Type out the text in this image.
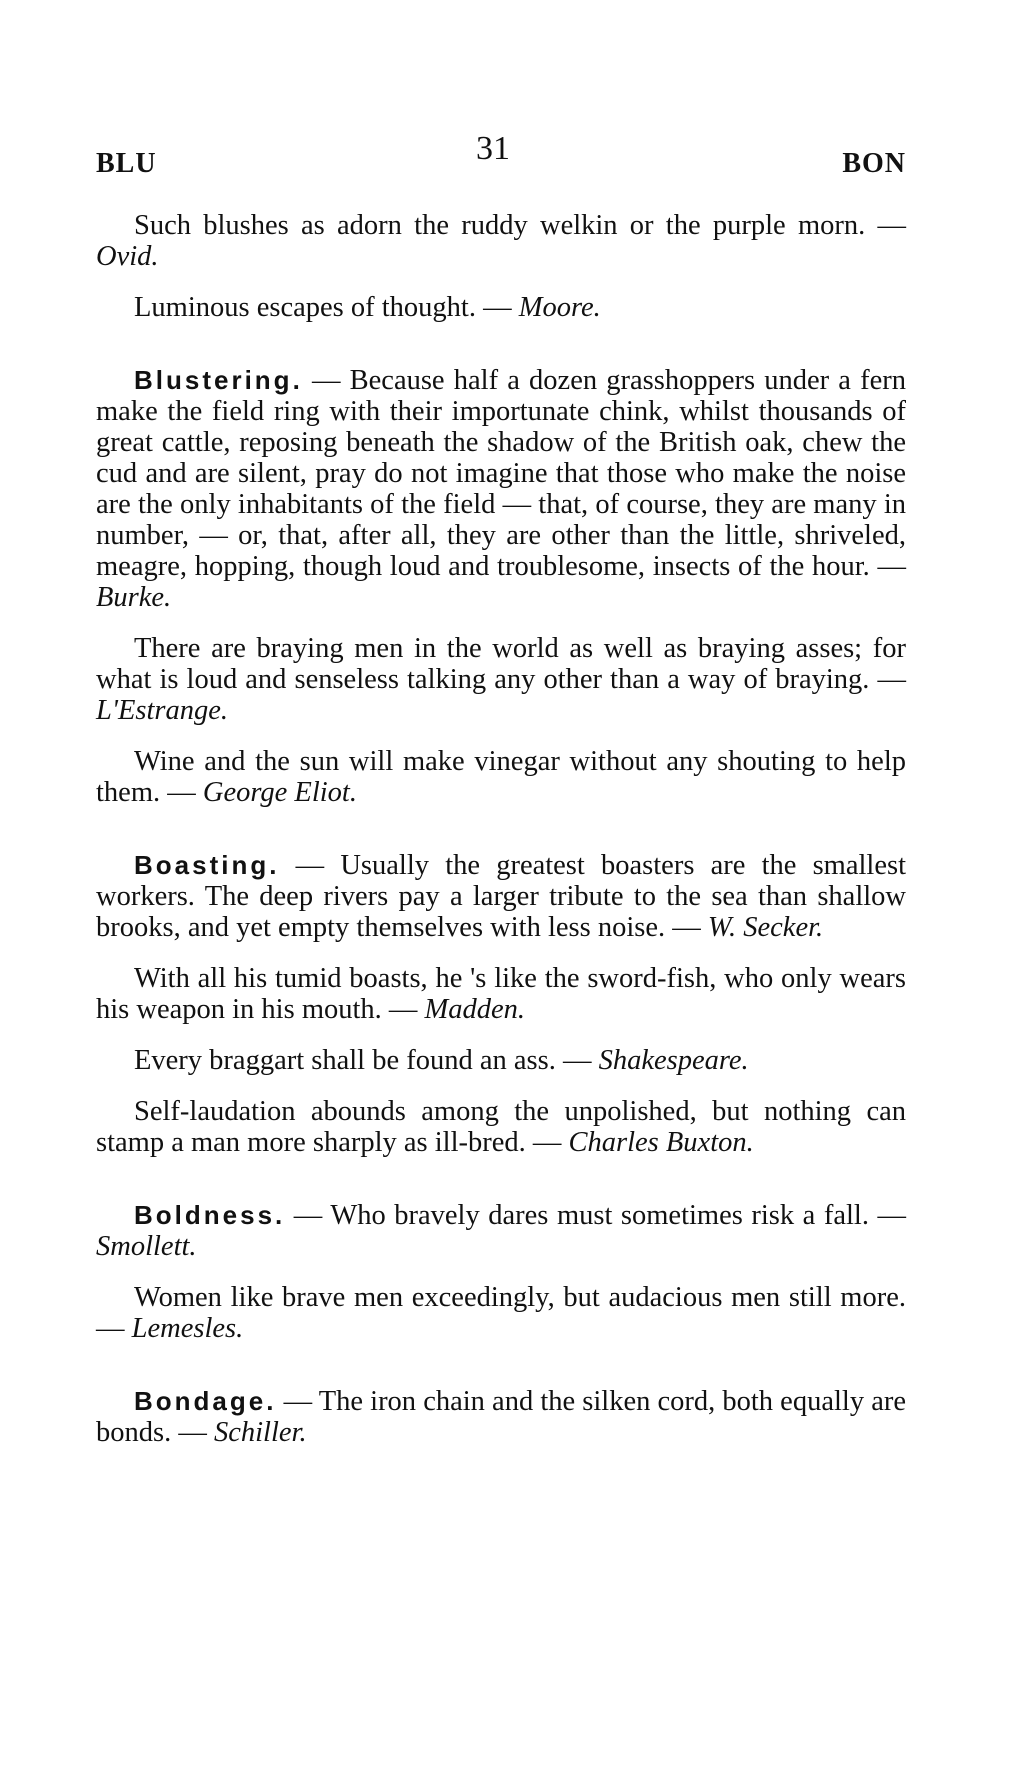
BLU	31	BON

Such blushes as adorn the ruddy welkin or the purple morn. — Ovid.

Luminous escapes of thought. — Moore.

Blustering. — Because half a dozen grasshoppers under a fern make the field ring with their importunate chink, whilst thousands of great cattle, reposing beneath the shadow of the British oak, chew the cud and are silent, pray do not imagine that those who make the noise are the only inhabitants of the field — that, of course, they are many in number, — or, that, after all, they are other than the little, shriveled, meagre, hopping, though loud and troublesome, insects of the hour. — Burke.

There are braying men in the world as well as braying asses; for what is loud and senseless talking any other than a way of braying. — L'Estrange.

Wine and the sun will make vinegar without any shouting to help them. — George Eliot.

Boasting. — Usually the greatest boasters are the smallest workers. The deep rivers pay a larger tribute to the sea than shallow brooks, and yet empty themselves with less noise. — W. Secker.

With all his tumid boasts, he 's like the sword-fish, who only wears his weapon in his mouth. — Madden.

Every braggart shall be found an ass. — Shakespeare.

Self-laudation abounds among the unpolished, but nothing can stamp a man more sharply as ill-bred. — Charles Buxton.

Boldness. — Who bravely dares must sometimes risk a fall. — Smollett.

Women like brave men exceedingly, but audacious men still more. — Lemesles.

Bondage. — The iron chain and the silken cord, both equally are bonds. — Schiller.
